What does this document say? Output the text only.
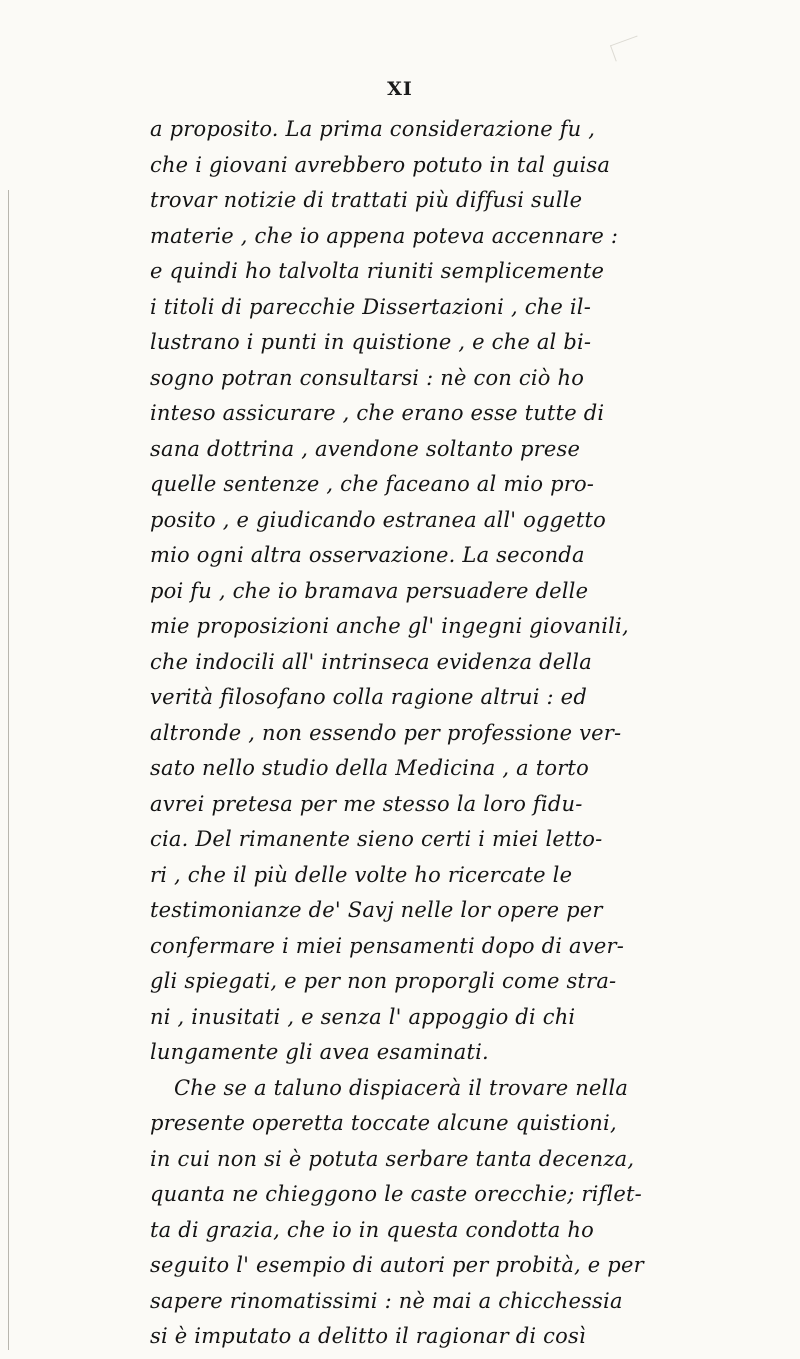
XI
a proposito. La prima considerazione fu ,
che i giovani avrebbero potuto in tal guisa
trovar notizie di trattati più diffusi sulle
materie , che io appena poteva accennare :
e quindi ho talvolta riuniti semplicemente
i titoli di parecchie Dissertazioni , che il-
lustrano i punti in quistione , e che al bi-
sogno potran consultarsi : nè con ciò ho
inteso assicurare , che erano esse tutte di
sana dottrina , avendone soltanto prese
quelle sentenze , che faceano al mio pro-
posito , e giudicando estranea all' oggetto
mio ogni altra osservazione. La seconda
poi fu , che io bramava persuadere delle
mie proposizioni anche gl' ingegni giovanili,
che indocili all' intrinseca evidenza della
verità filosofano colla ragione altrui : ed
altronde , non essendo per professione ver-
sato nello studio della Medicina , a torto
avrei pretesa per me stesso la loro fidu-
cia. Del rimanente sieno certi i miei letto-
ri , che il più delle volte ho ricercate le
testimonianze de' Savj nelle lor opere per
confermare i miei pensamenti dopo di aver-
gli spiegati, e per non proporgli come stra-
ni , inusitati , e senza l' appoggio di chi
lungamente gli avea esaminati.
Che se a taluno dispiacerà il trovare nella
presente operetta toccate alcune quistioni,
in cui non si è potuta serbare tanta decenza,
quanta ne chieggono le caste orecchie; riflet-
ta di grazia, che io in questa condotta ho
seguito l' esempio di autori per probità, e per
sapere rinomatissimi : nè mai a chicchessia
si è imputato a delitto il ragionar di così
